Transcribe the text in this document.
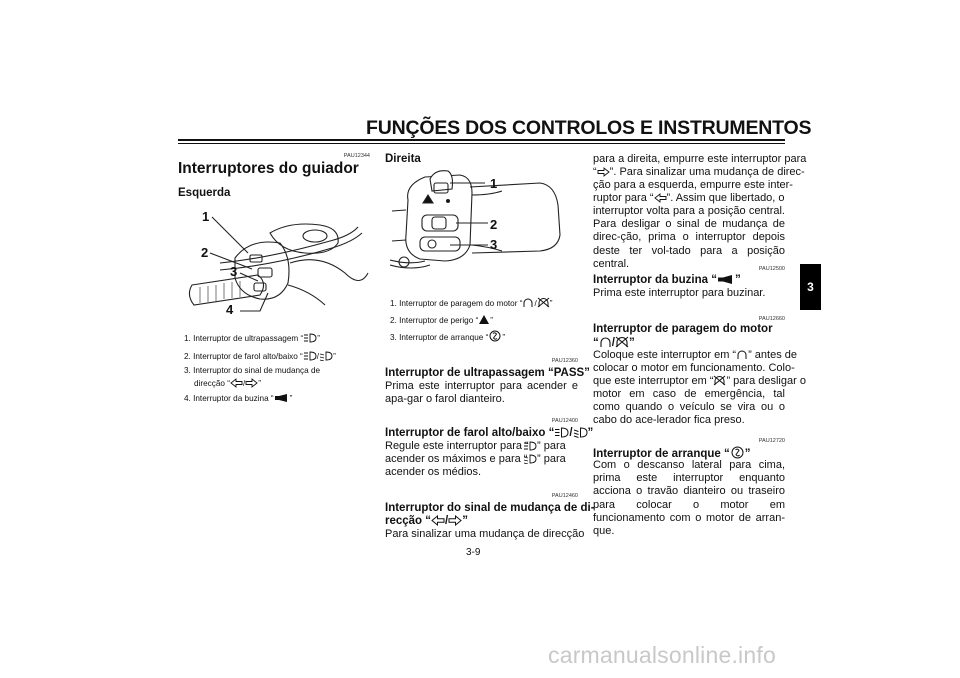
FUNÇÕES DOS CONTROLOS E INSTRUMENTOS
3
PAU12344
Interruptores do guiador
Esquerda
1
2
3
4
1. Interruptor de ultrapassagem “ ”
2. Interruptor de farol alto/baixo “ / ”
3. Interruptor do sinal de mudança de
direcção “ / ”
4. Interruptor da buzina “ ”
Direita
1
2
3
1. Interruptor de paragem do motor “ / ”
2. Interruptor de perigo “ ”
3. Interruptor de arranque “ ”
PAU12360
Interruptor de ultrapassagem “PASS”
Prima este interruptor para acender e apa-gar o farol dianteiro.
PAU12400
Interruptor de farol alto/baixo “ / ”
Regule este interruptor para “ ” para
acender os máximos e para “ ” para
acender os médios.
PAU12460
Interruptor do sinal de mudança de di-
recção “ / ”
Para sinalizar uma mudança de direcção
3-9
para a direita, empurre este interruptor para
“ ”. Para sinalizar uma mudança de direc-
ção para a esquerda, empurre este inter-
ruptor para “ ”. Assim que libertado, o
interruptor volta para a posição central. Para desligar o sinal de mudança de direc-ção, prima o interruptor depois deste ter vol-tado para a posição central.	PAU12500
Interruptor da buzina “ ”
Prima este interruptor para buzinar.
PAU12660
Interruptor de paragem do motor
“ / ”
Coloque este interruptor em “ ” antes de
colocar o motor em funcionamento. Colo-
que este interruptor em “ ” para desligar o
motor em caso de emergência, tal como quando o veículo se vira ou o cabo do ace-lerador fica preso.
PAU12720
Interruptor de arranque “ ”
Com o descanso lateral para cima, prima este interruptor enquanto acciona o travão dianteiro ou traseiro para colocar o motor em funcionamento com o motor de arran-que.
carmanualsonline.info
